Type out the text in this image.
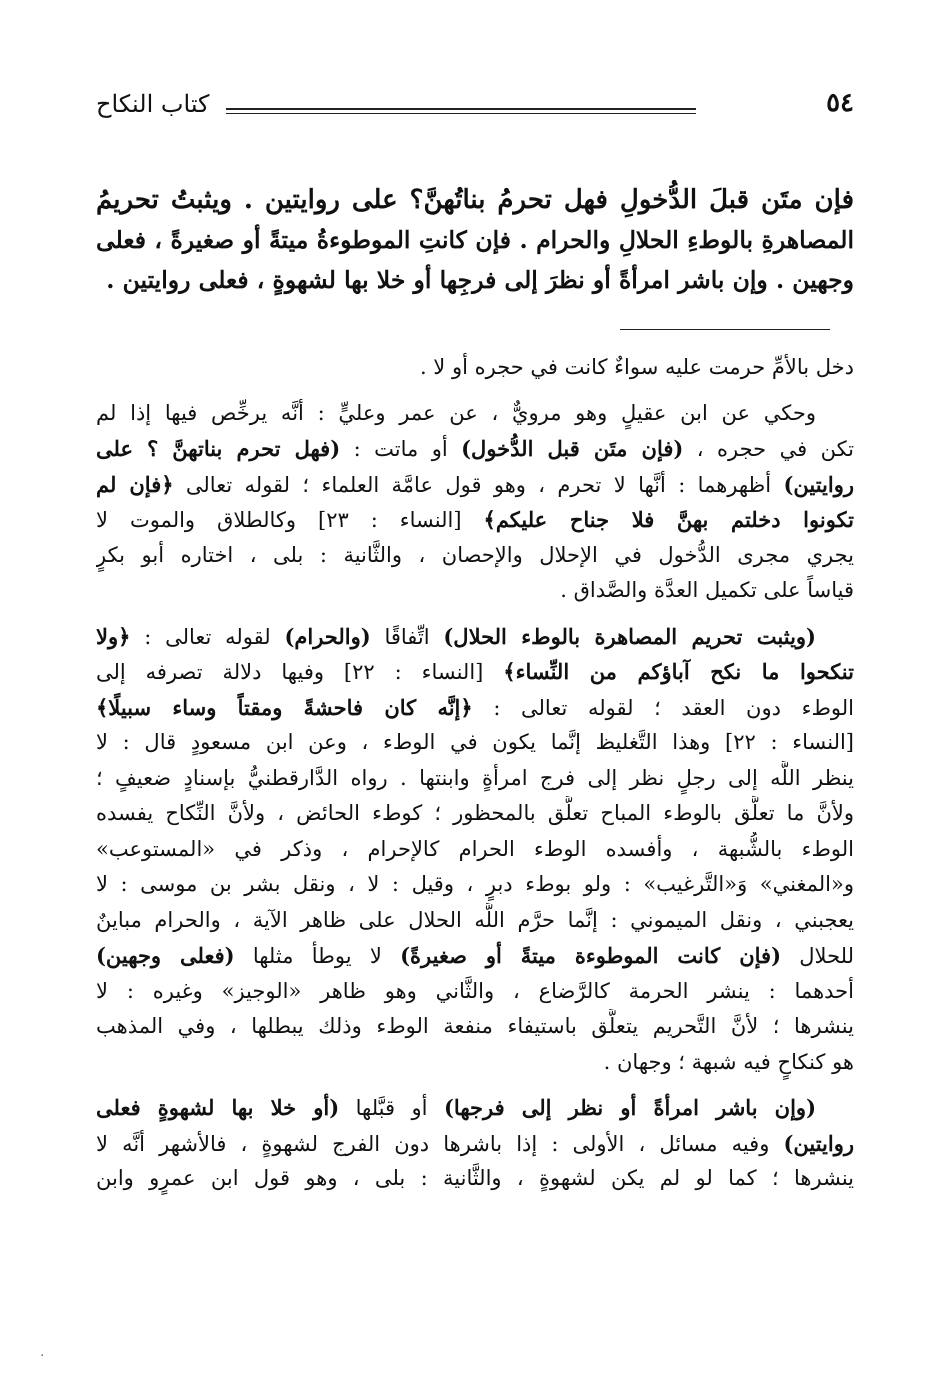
٥٤
كتاب النكاح
فإن متَن قبلَ الدُّخولِ فهل تحرمُ بناتُهنَّ؟ على روايتين . ويثبتُ تحريمُ
المصاهرةِ بالوطءِ الحلالِ والحرام . فإن كانتِ الموطوءةُ ميتةً أو صغيرةً ، فعلى
وجهين . وإن باشر امرأةً أو نظرَ إلى فرجِها أو خلا بها لشهوةٍ ، فعلى روايتين .
دخل بالأمِّ حرمت عليه سواءٌ كانت في حجره أو لا .
وحكي عن ابن عقيلٍ وهو مرويٌّ ، عن عمر وعليٍّ : أنَّه يرخِّص فيها إذا لم
تكن في حجره ، (فإن متَن قبل الدُّخول) أو ماتت : (فهل تحرم بناتهنَّ ؟ على
روايتين) أظهرهما : أنَّها لا تحرم ، وهو قول عامَّة العلماء ؛ لقوله تعالى ﴿فإن لم
تكونوا دخلتم بهنَّ فلا جناح عليكم﴾ [النساء : ٢٣] وكالطلاق والموت لا
يجري مجرى الدُّخول في الإحلال والإحصان ، والثَّانية : بلى ، اختاره أبو بكرٍ
قياساً على تكميل العدَّة والصَّداق .
(ويثبت تحريم المصاهرة بالوطء الحلال) اتِّفاقًا (والحرام) لقوله تعالى : ﴿ولا
تنكحوا ما نكح آباؤكم من النِّساء﴾ [النساء : ٢٢] وفيها دلالة تصرفه إلى
الوطء دون العقد ؛ لقوله تعالى : ﴿إنَّه كان فاحشةً ومقتاً وساء سبيلًا﴾
[النساء : ٢٢] وهذا التَّغليظ إنَّما يكون في الوطء ، وعن ابن مسعودٍ قال : لا
ينظر اللَّه إلى رجلٍ نظر إلى فرج امرأةٍ وابنتها . رواه الدَّارقطنيُّ بإسنادٍ ضعيفٍ ؛
ولأنَّ ما تعلَّق بالوطء المباح تعلَّق بالمحظور ؛ كوطء الحائض ، ولأنَّ النِّكاح يفسده
الوطء بالشُّبهة ، وأفسده الوطء الحرام كالإحرام ، وذكر في «المستوعب»
و«المغني» وَ«التَّرغيب» : ولو بوطء دبرٍ ، وقيل : لا ، ونقل بشر بن موسى : لا
يعجبني ، ونقل الميموني : إنَّما حرَّم اللَّه الحلال على ظاهر الآية ، والحرام مباينٌ
للحلال (فإن كانت الموطوءة ميتةً أو صغيرةً) لا يوطأ مثلها (فعلى وجهين)
أحدهما : ينشر الحرمة كالرَّضاع ، والثَّاني وهو ظاهر «الوجيز» وغيره : لا
ينشرها ؛ لأنَّ التَّحريم يتعلَّق باستيفاء منفعة الوطء وذلك يبطلها ، وفي المذهب
هو كنكاحٍ فيه شبهة ؛ وجهان .
(وإن باشر امرأةً أو نظر إلى فرجها) أو قبَّلها (أو خلا بها لشهوةٍ فعلى
روايتين) وفيه مسائل ، الأولى : إذا باشرها دون الفرج لشهوةٍ ، فالأشهر أنَّه لا
ينشرها ؛ كما لو لم يكن لشهوةٍ ، والثَّانية : بلى ، وهو قول ابن عمرٍو وابن
·
